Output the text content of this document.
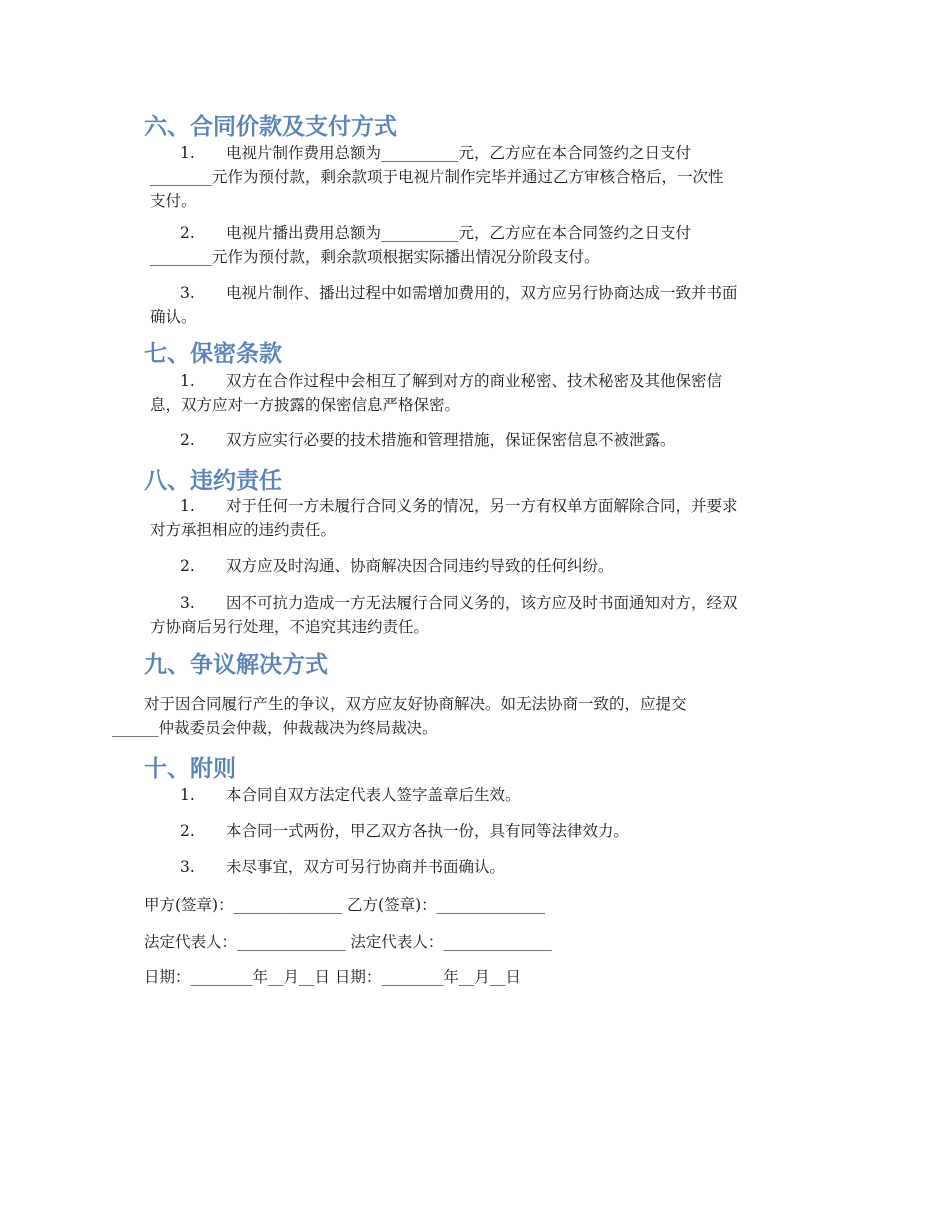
六、合同价款及支付方式
1. 电视片制作费用总额为__________元，乙方应在本合同签约之日支付
________元作为预付款，剩余款项于电视片制作完毕并通过乙方审核合格后，一次性
支付。
2. 电视片播出费用总额为__________元，乙方应在本合同签约之日支付
________元作为预付款，剩余款项根据实际播出情况分阶段支付。
3. 电视片制作、播出过程中如需增加费用的，双方应另行协商达成一致并书面
确认。
七、保密条款
1. 双方在合作过程中会相互了解到对方的商业秘密、技术秘密及其他保密信
息，双方应对一方披露的保密信息严格保密。
2. 双方应实行必要的技术措施和管理措施，保证保密信息不被泄露。
八、违约责任
1. 对于任何一方未履行合同义务的情况，另一方有权单方面解除合同，并要求
对方承担相应的违约责任。
2. 双方应及时沟通、协商解决因合同违约导致的任何纠纷。
3. 因不可抗力造成一方无法履行合同义务的，该方应及时书面通知对方，经双
方协商后另行处理，不追究其违约责任。
九、争议解决方式
对于因合同履行产生的争议，双方应友好协商解决。如无法协商一致的，应提交
______仲裁委员会仲裁，仲裁裁决为终局裁决。
十、附则
1. 本合同自双方法定代表人签字盖章后生效。
2. 本合同一式两份，甲乙双方各执一份，具有同等法律效力。
3. 未尽事宜，双方可另行协商并书面确认。
甲方(签章)：______________ 乙方(签章)：______________
法定代表人：______________ 法定代表人：______________
日期：________年__月__日 日期：________年__月__日
